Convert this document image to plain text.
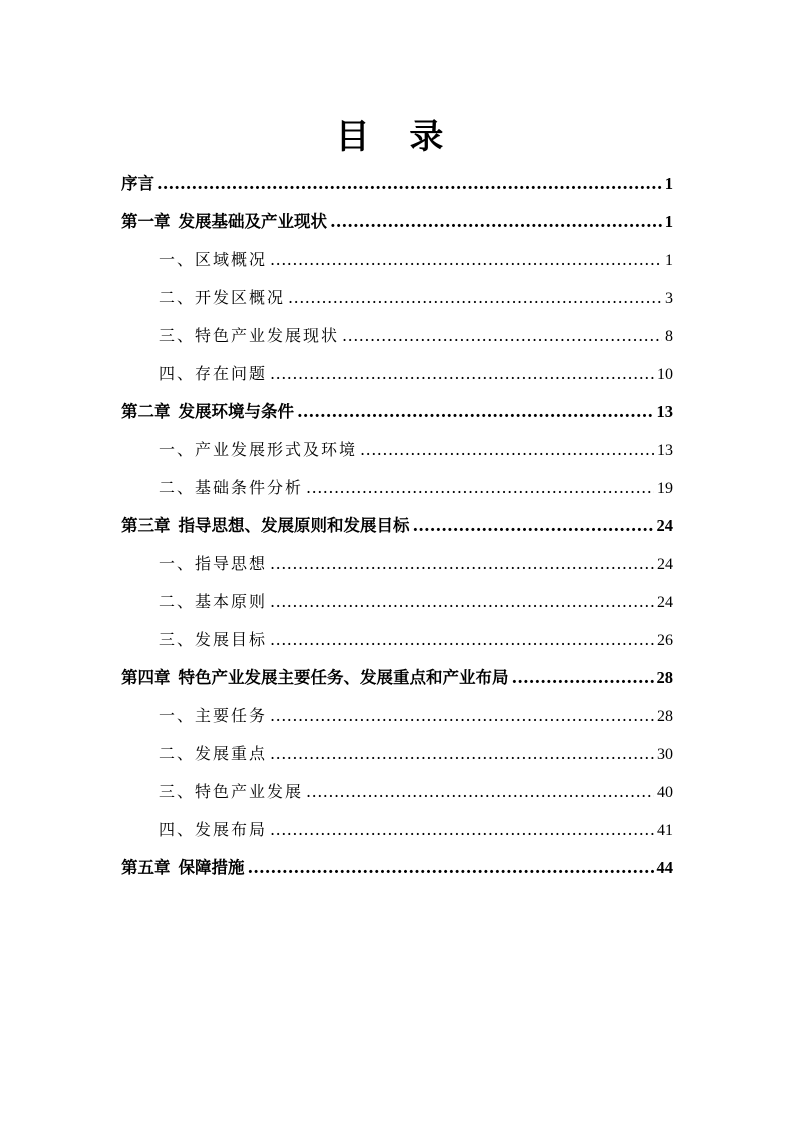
目 录
序言 .....	1
第一章 发展基础及产业现状 .....	1
一、区域概况 .....	1
二、开发区概况 .....	3
三、特色产业发展现状 .....	8
四、存在问题 .....	10
第二章 发展环境与条件 .....	13
一、产业发展形式及环境 .....	13
二、基础条件分析 .....	19
第三章 指导思想、发展原则和发展目标 .....	24
一、指导思想 .....	24
二、基本原则 .....	24
三、发展目标 .....	26
第四章 特色产业发展主要任务、发展重点和产业布局 .....	28
一、主要任务 .....	28
二、发展重点 .....	30
三、特色产业发展 .....	40
四、发展布局 .....	41
第五章 保障措施 .....	44
